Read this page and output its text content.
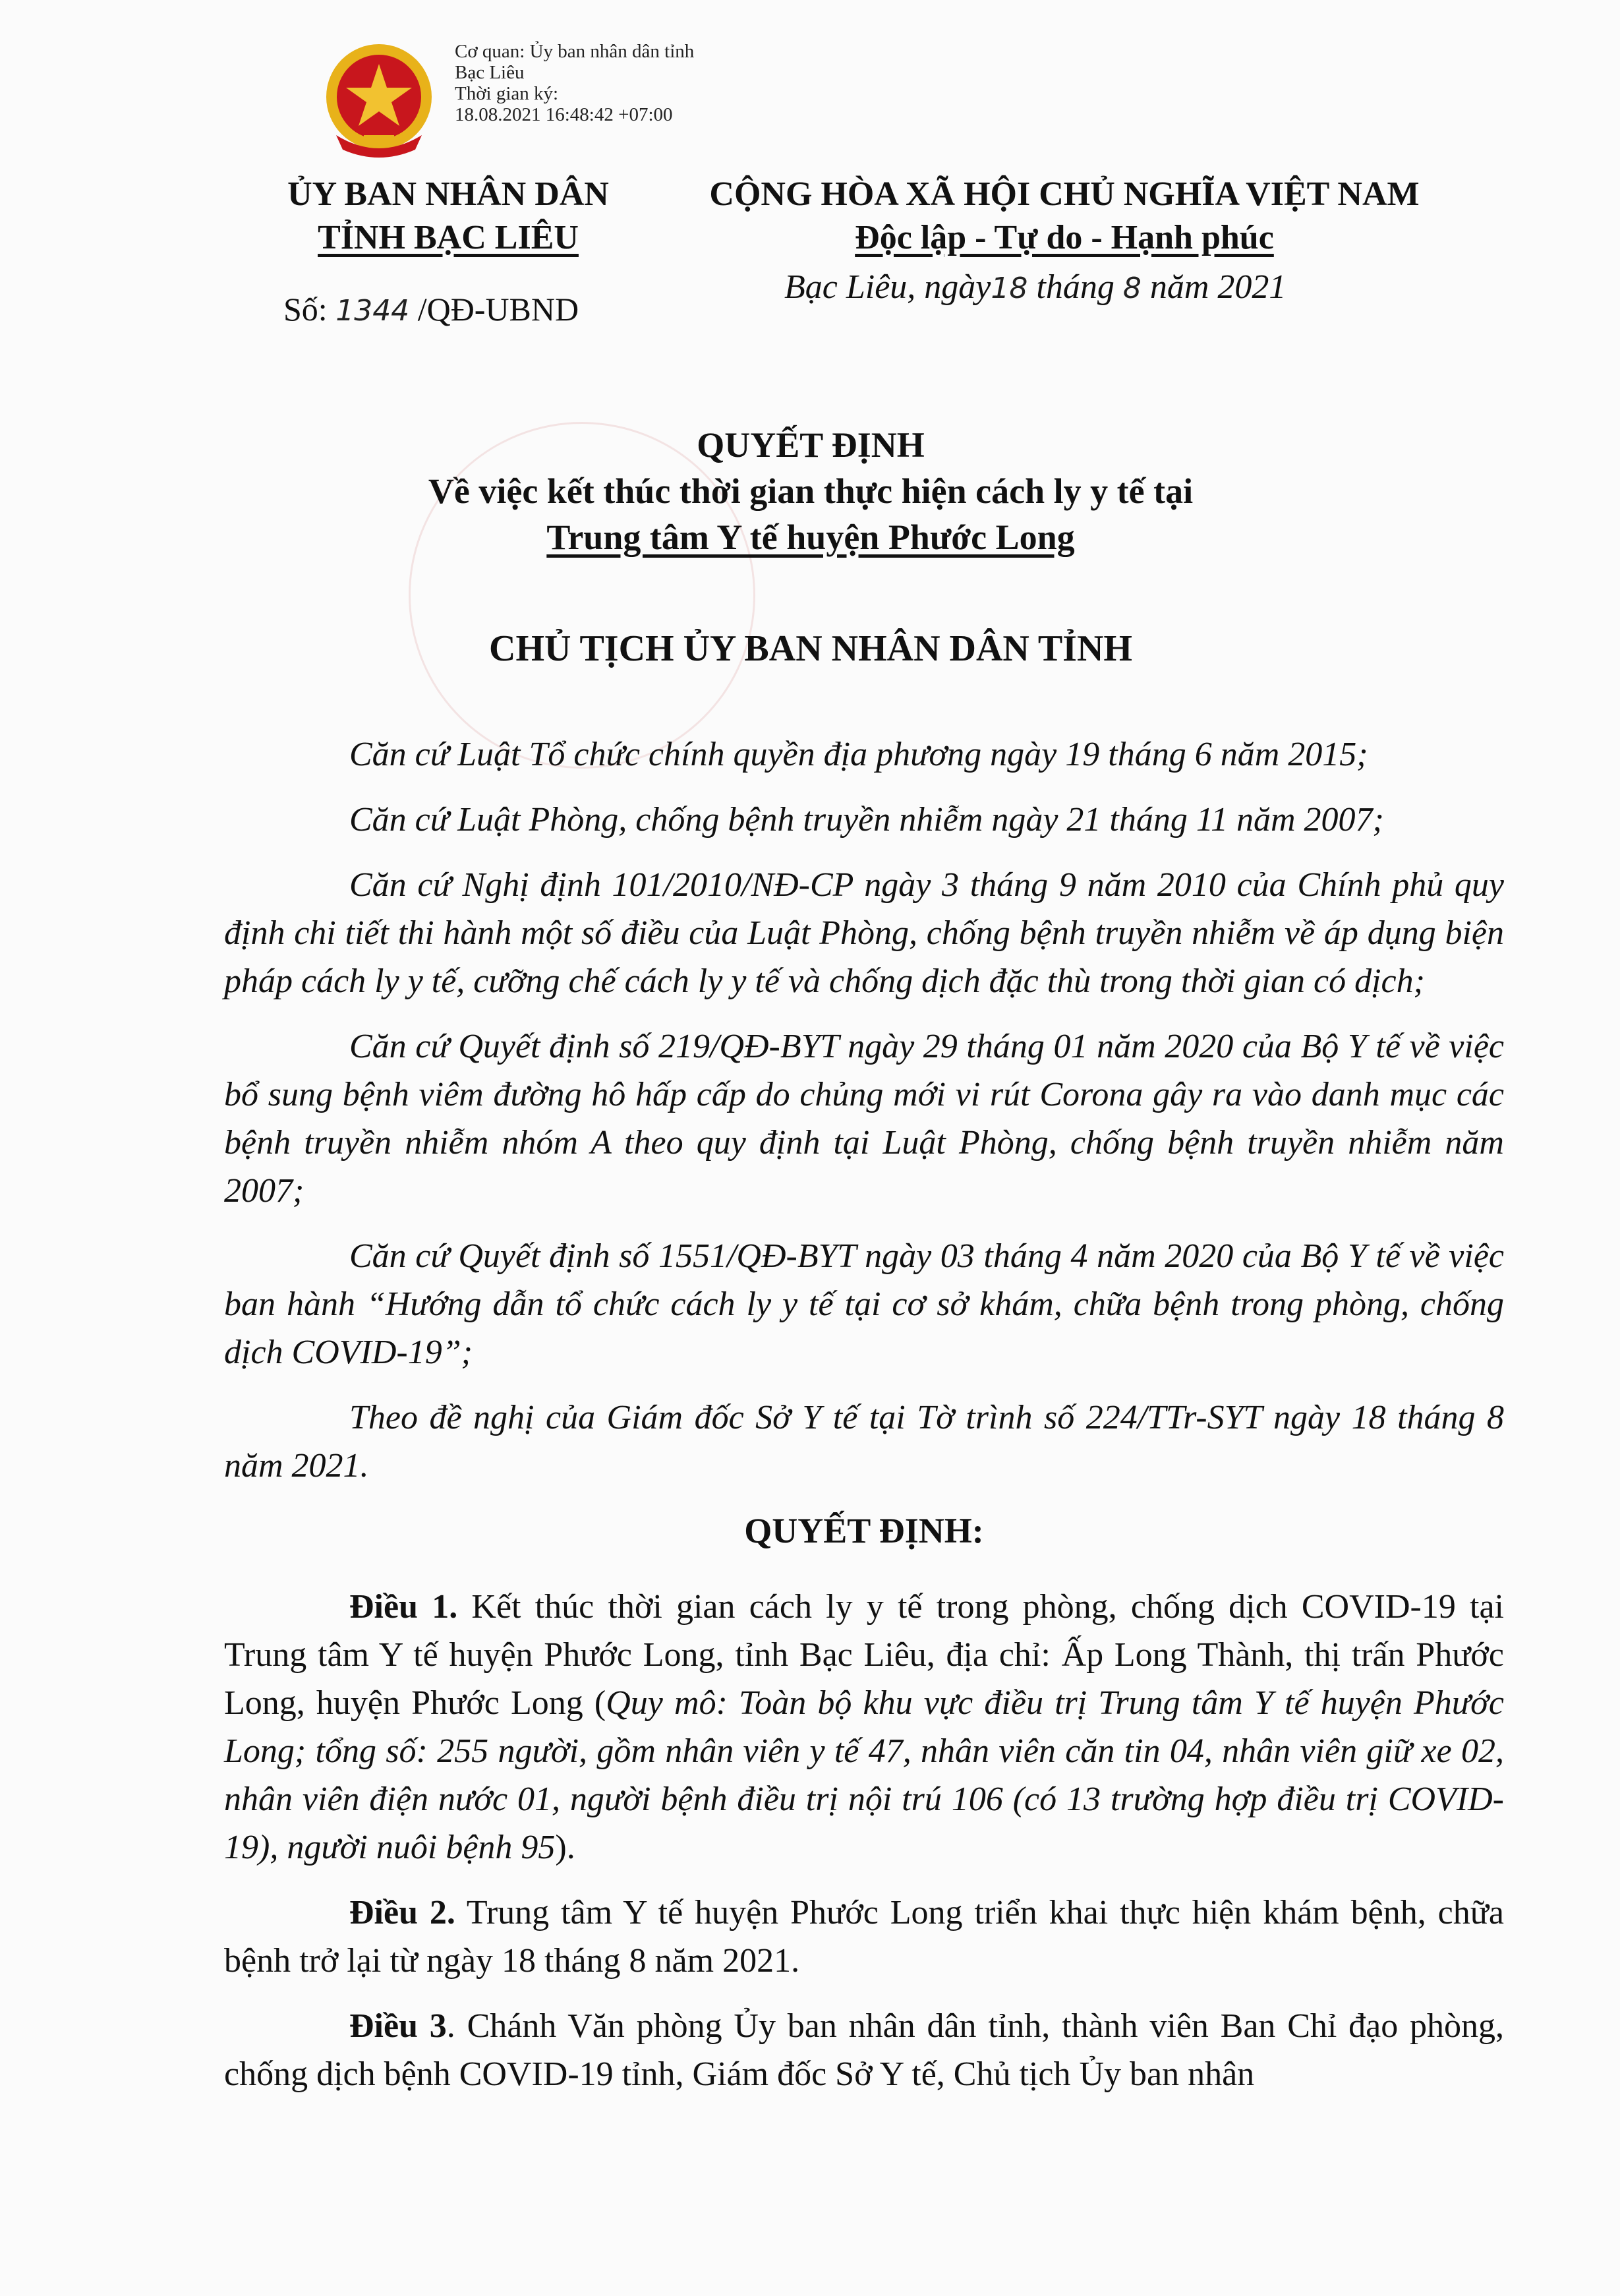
Cơ quan: Ủy ban nhân dân tỉnh Bạc Liêu
Thời gian ký:
18.08.2021 16:48:42 +07:00
ỦY BAN NHÂN DÂN
TỈNH BẠC LIÊU
CỘNG HÒA XÃ HỘI CHỦ NGHĨA VIỆT NAM
Độc lập - Tự do - Hạnh phúc
Số: 1344 /QĐ-UBND
Bạc Liêu, ngày18 tháng 8 năm 2021
QUYẾT ĐỊNH
Về việc kết thúc thời gian thực hiện cách ly y tế tại
Trung tâm Y tế huyện Phước Long
CHỦ TỊCH ỦY BAN NHÂN DÂN TỈNH

Căn cứ Luật Tổ chức chính quyền địa phương ngày 19 tháng 6 năm 2015;

Căn cứ Luật Phòng, chống bệnh truyền nhiễm ngày 21 tháng 11 năm 2007;

Căn cứ Nghị định 101/2010/NĐ-CP ngày 3 tháng 9 năm 2010 của Chính phủ quy định chi tiết thi hành một số điều của Luật Phòng, chống bệnh truyền nhiễm về áp dụng biện pháp cách ly y tế, cưỡng chế cách ly y tế và chống dịch đặc thù trong thời gian có dịch;

Căn cứ Quyết định số 219/QĐ-BYT ngày 29 tháng 01 năm 2020 của Bộ Y tế về việc bổ sung bệnh viêm đường hô hấp cấp do chủng mới vi rút Corona gây ra vào danh mục các bệnh truyền nhiễm nhóm A theo quy định tại Luật Phòng, chống bệnh truyền nhiễm năm 2007;

Căn cứ Quyết định số 1551/QĐ-BYT ngày 03 tháng 4 năm 2020 của Bộ Y tế về việc ban hành “Hướng dẫn tổ chức cách ly y tế tại cơ sở khám, chữa bệnh trong phòng, chống dịch COVID-19”;

Theo đề nghị của Giám đốc Sở Y tế tại Tờ trình số 224/TTr-SYT ngày 18 tháng 8 năm 2021.

QUYẾT ĐỊNH:

Điều 1. Kết thúc thời gian cách ly y tế trong phòng, chống dịch COVID-19 tại Trung tâm Y tế huyện Phước Long, tỉnh Bạc Liêu, địa chỉ: Ấp Long Thành, thị trấn Phước Long, huyện Phước Long (Quy mô: Toàn bộ khu vực điều trị Trung tâm Y tế huyện Phước Long; tổng số: 255 người, gồm nhân viên y tế 47, nhân viên căn tin 04, nhân viên giữ xe 02, nhân viên điện nước 01, người bệnh điều trị nội trú 106 (có 13 trường hợp điều trị COVID-19), người nuôi bệnh 95).

Điều 2. Trung tâm Y tế huyện Phước Long triển khai thực hiện khám bệnh, chữa bệnh trở lại từ ngày 18 tháng 8 năm 2021.

Điều 3. Chánh Văn phòng Ủy ban nhân dân tỉnh, thành viên Ban Chỉ đạo phòng, chống dịch bệnh COVID-19 tỉnh, Giám đốc Sở Y tế, Chủ tịch Ủy ban nhân
